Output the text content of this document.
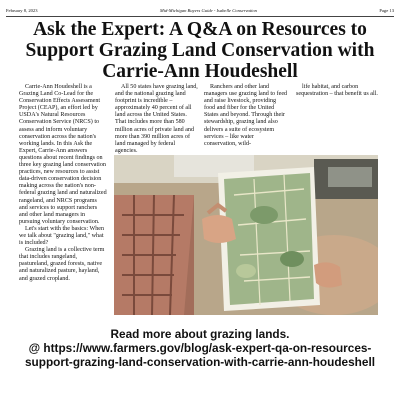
February 8, 2023	Mid-Michigan Buyers Guide - Isabelle Conservation	Page 13
Ask the Expert: A Q&A on Resources to Support Grazing Land Conservation with Carrie-Ann Houdeshell

Carrie-Ann Houdeshell is a Grazing Land Co-Lead for the Conservation Effects Assessment Project (CEAP), an effort led by USDA's Natural Resources Conservation Service (NRCS) to assess and inform voluntary conservation across the nation's working lands. In this Ask the Expert, Carrie-Ann answers questions about recent findings on three key grazing land conservation practices, new resources to assist data-driven conservation decision making across the nation's non-federal grazing land and naturalized rangeland, and NRCS programs and services to support ranchers and other land managers in pursuing voluntary conservation.

Let's start with the basics: When we talk about "grazing land," what is included?

Grazing land is a collective term that includes rangeland, pastureland, grazed forests, native and naturalized pasture, hayland, and grazed cropland.

All 50 states have grazing land, and the national grazing land footprint is incredible – approximately 40 percent of all land across the United States. That includes more than 580 million acres of private land and more than 390 million acres of land managed by federal agencies.

Ranchers and other land managers use grazing land to feed and raise livestock, providing food and fiber for the United States and beyond. Through their stewardship, grazing land also delivers a suite of ecosystem services – like water conservation, wild-

life habitat, and carbon sequestration – that benefit us all.

Read more about grazing lands.
@ https://www.farmers.gov/blog/ask-expert-qa-on-resources-support-grazing-land-conservation-with-carrie-ann-houdeshell
